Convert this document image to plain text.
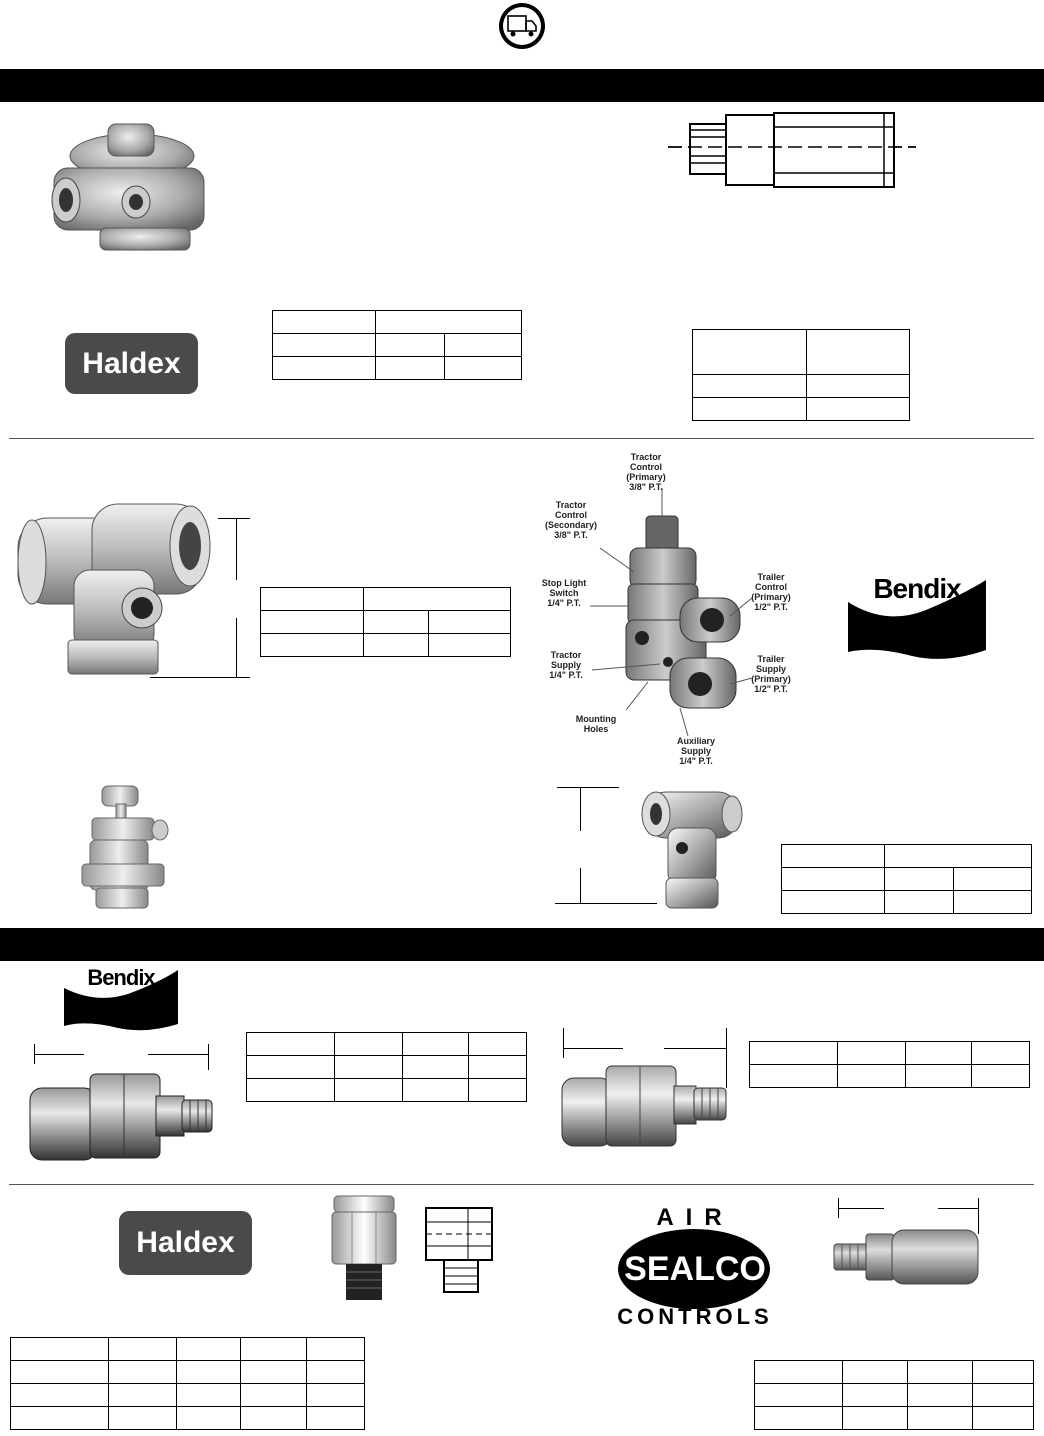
Haldex

Tractor
Control
(Primary)
3/8" P.T.
Tractor
Control
(Secondary)
3/8" P.T.
Stop Light
Switch
1/4" P.T.
Tractor
Supply
1/4" P.T.
Mounting
Holes
Auxiliary
Supply
1/4" P.T.
Trailer
Control
(Primary)
1/2" P.T.
Trailer
Supply
(Primary)
1/2" P.T.
Bendix

Bendix

Haldex
AIR
SEALCO
CONTROLS
